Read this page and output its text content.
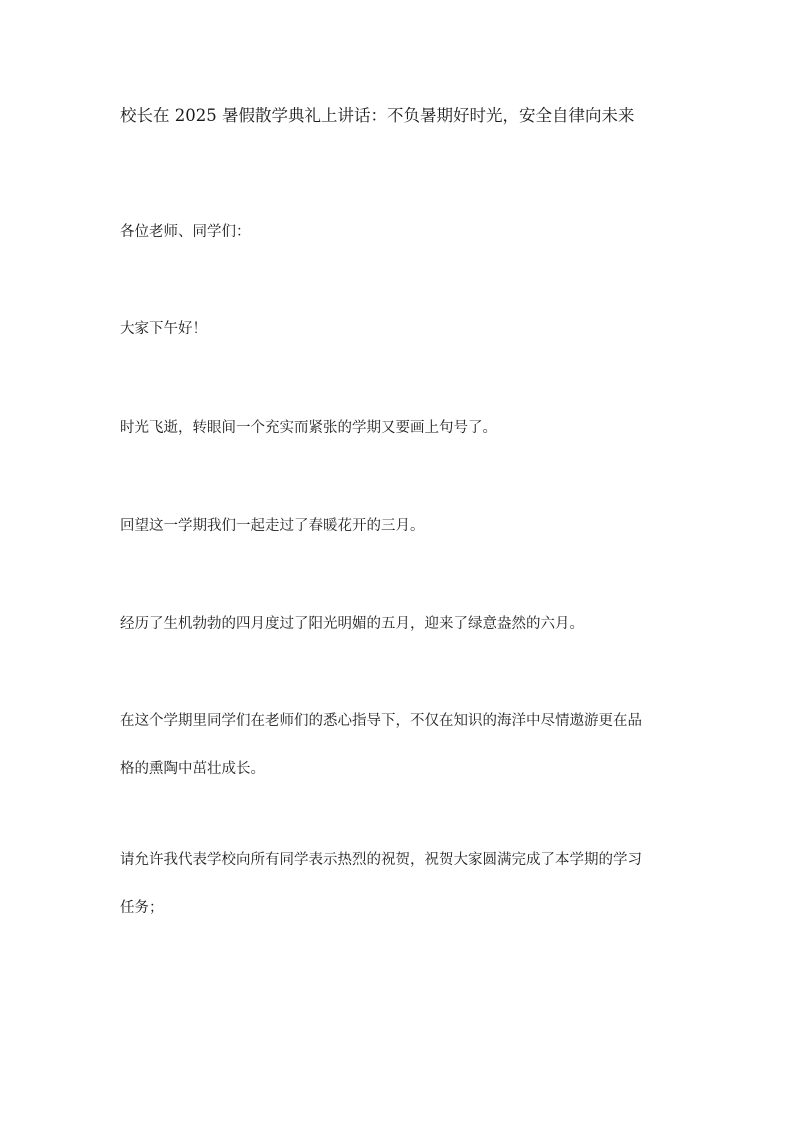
校长在 2025 暑假散学典礼上讲话：不负暑期好时光，安全自律向未来

各位老师、同学们：

大家下午好！

时光飞逝，转眼间一个充实而紧张的学期又要画上句号了。

回望这一学期我们一起走过了春暖花开的三月。

经历了生机勃勃的四月度过了阳光明媚的五月，迎来了绿意盎然的六月。

在这个学期里同学们在老师们的悉心指导下，不仅在知识的海洋中尽情遨游更在品
格的熏陶中茁壮成长。

请允许我代表学校向所有同学表示热烈的祝贺，祝贺大家圆满完成了本学期的学习
任务；
